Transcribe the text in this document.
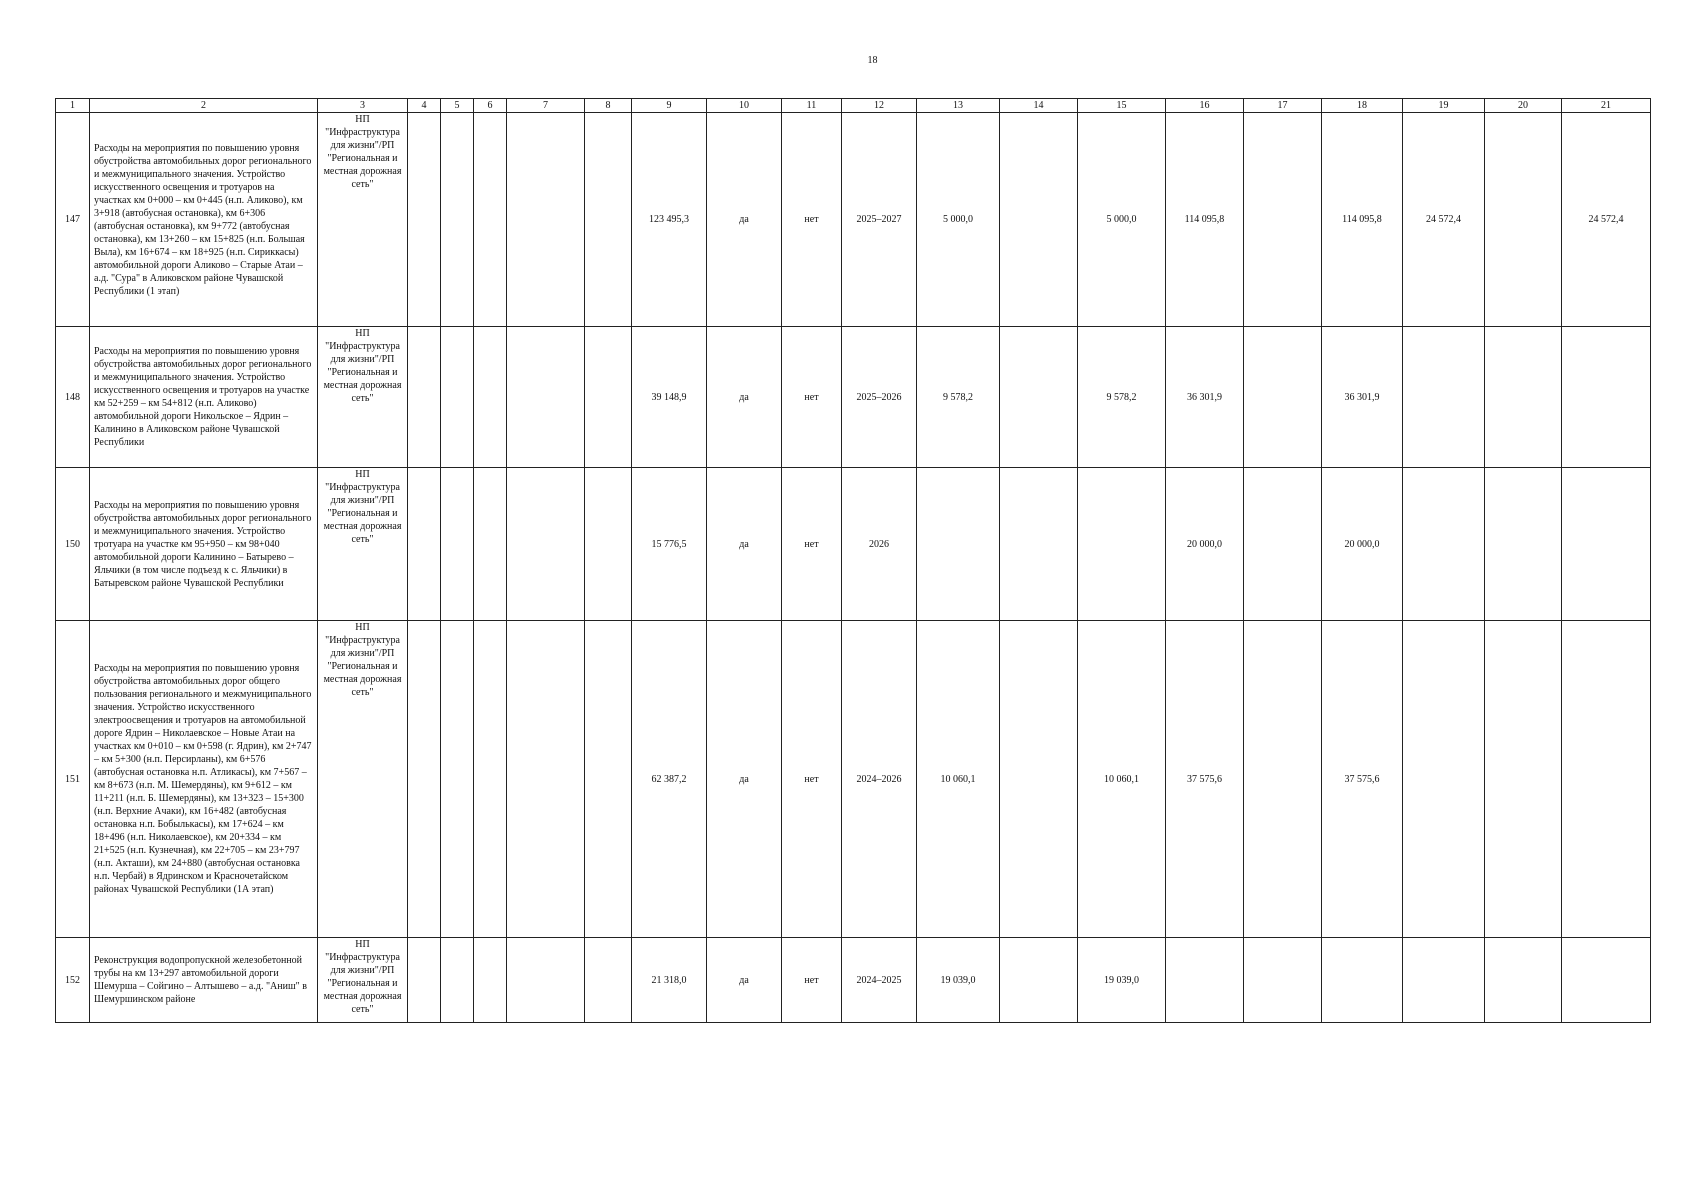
18
1	2	3	4	5	6	7	8	9	10	11	12	13	14	15	16	17	18	19	20	21
147	Расходы на мероприятия по повышению уровня обустройства автомобильных дорог регионального и межмуниципального значения. Устройство искусственного освещения и тротуаров на участках км 0+000 – км 0+445 (н.п. Аликово), км 3+918 (автобусная остановка), км 6+306 (автобусная остановка), км 9+772 (автобусная остановка), км 13+260 – км 15+825 (н.п. Большая Выла), км 16+674 – км 18+925 (н.п. Сириккасы) автомобильной дороги Аликово – Старые Атаи – а.д. "Сура" в Аликовском районе Чувашской Республики (1 этап)	НП "Инфраструктура для жизни"/РП "Региональная и местная дорожная сеть"						123 495,3	да	нет	2025–2027	5 000,0		5 000,0	114 095,8		114 095,8	24 572,4		24 572,4
148	Расходы на мероприятия по повышению уровня обустройства автомобильных дорог регионального и межмуниципального значения. Устройство искусственного освещения и тротуаров на участке км 52+259 – км 54+812 (н.п. Аликово) автомобильной дороги Никольское – Ядрин – Калинино в Аликовском районе Чувашской Республики	НП "Инфраструктура для жизни"/РП "Региональная и местная дорожная сеть"						39 148,9	да	нет	2025–2026	9 578,2		9 578,2	36 301,9		36 301,9			
150	Расходы на мероприятия по повышению уровня обустройства автомобильных дорог регионального и межмуниципального значения. Устройство тротуара на участке км 95+950 – км 98+040 автомобильной дороги Калинино – Батырево – Яльчики (в том числе подъезд к с. Яльчики) в Батыревском районе Чувашской Республики	НП "Инфраструктура для жизни"/РП "Региональная и местная дорожная сеть"						15 776,5	да	нет	2026				20 000,0		20 000,0			
151	Расходы на мероприятия по повышению уровня обустройства автомобильных дорог общего пользования регионального и межмуниципального значения. Устройство искусственного электроосвещения и тротуаров на автомобильной дороге Ядрин – Николаевское – Новые Атаи на участках км 0+010 – км 0+598 (г. Ядрин), км 2+747 – км 5+300 (н.п. Персирланы), км 6+576 (автобусная остановка н.п. Атликасы), км 7+567 – км 8+673 (н.п. М. Шемердяны), км 9+612 – км 11+211 (н.п. Б. Шемердяны), км 13+323 – 15+300 (н.п. Верхние Ачаки), км 16+482 (автобусная остановка н.п. Бобылькасы), км 17+624 – км 18+496 (н.п. Николаевское), км 20+334 – км 21+525 (н.п. Кузнечная), км 22+705 – км 23+797 (н.п. Акташи), км 24+880 (автобусная остановка н.п. Чербай) в Ядринском и Красночетайском районах Чувашской Республики (1А этап)	НП "Инфраструктура для жизни"/РП "Региональная и местная дорожная сеть"						62 387,2	да	нет	2024–2026	10 060,1		10 060,1	37 575,6		37 575,6			
152	Реконструкция водопропускной железобетонной трубы на км 13+297 автомобильной дороги Шемурша – Сойгино – Алтышево – а.д. "Аниш" в Шемуршинском районе	НП "Инфраструктура для жизни"/РП "Региональная и местная дорожная сеть"						21 318,0	да	нет	2024–2025	19 039,0		19 039,0						
